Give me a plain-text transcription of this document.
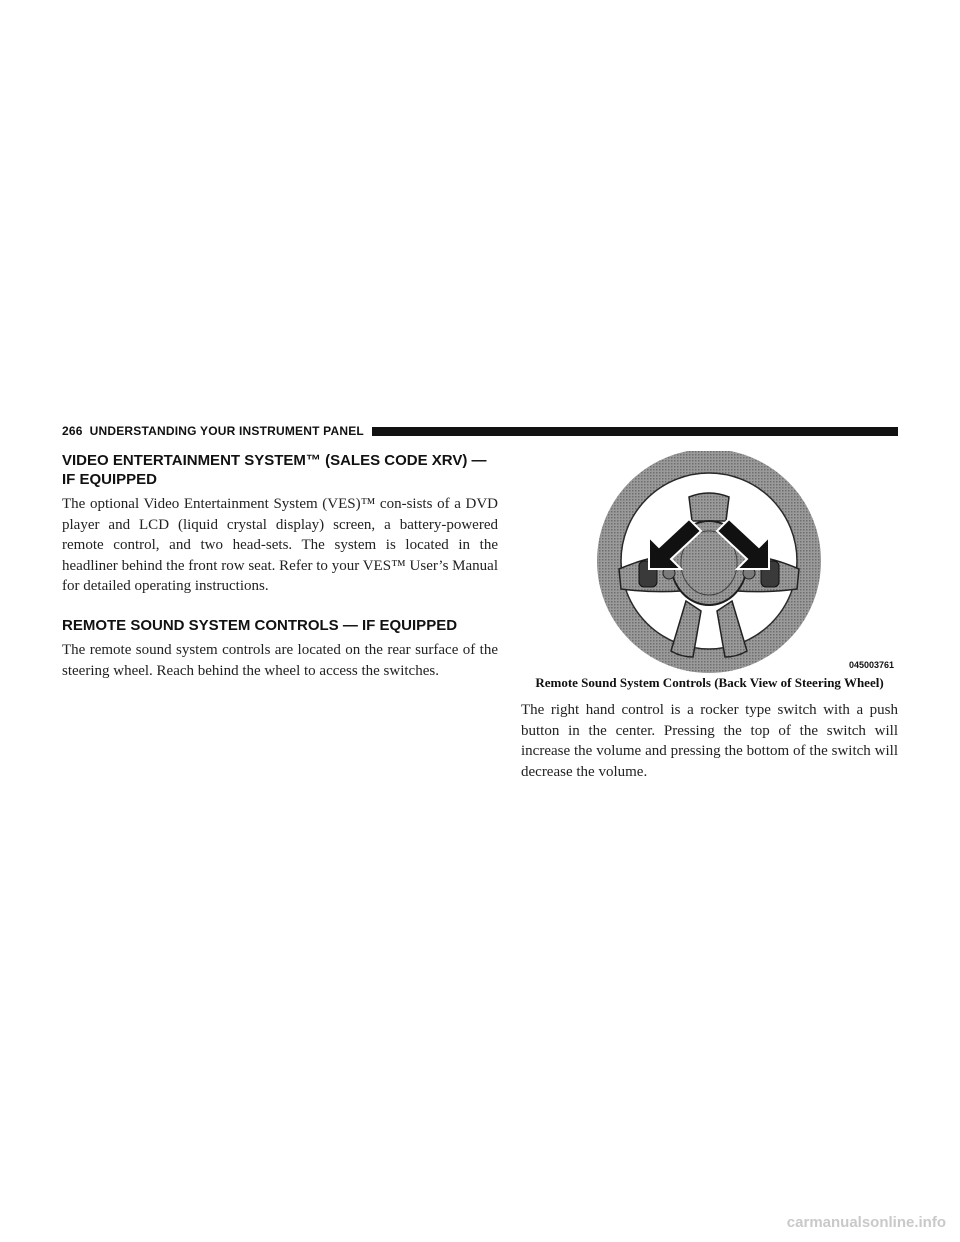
266 UNDERSTANDING YOUR INSTRUMENT PANEL
VIDEO ENTERTAINMENT SYSTEM™ (SALES CODE XRV) — IF EQUIPPED

The optional Video Entertainment System (VES)™ con-sists of a DVD player and LCD (liquid crystal display) screen, a battery-powered remote control, and two head-sets. The system is located in the headliner behind the front row seat. Refer to your VES™ User’s Manual for detailed operating instructions.

REMOTE SOUND SYSTEM CONTROLS — IF EQUIPPED

The remote sound system controls are located on the rear surface of the steering wheel. Reach behind the wheel to access the switches.	045003761
Remote Sound System Controls (Back View of Steering Wheel)

The right hand control is a rocker type switch with a push button in the center. Pressing the top of the switch will increase the volume and pressing the bottom of the switch will decrease the volume.

carmanualsonline.info
